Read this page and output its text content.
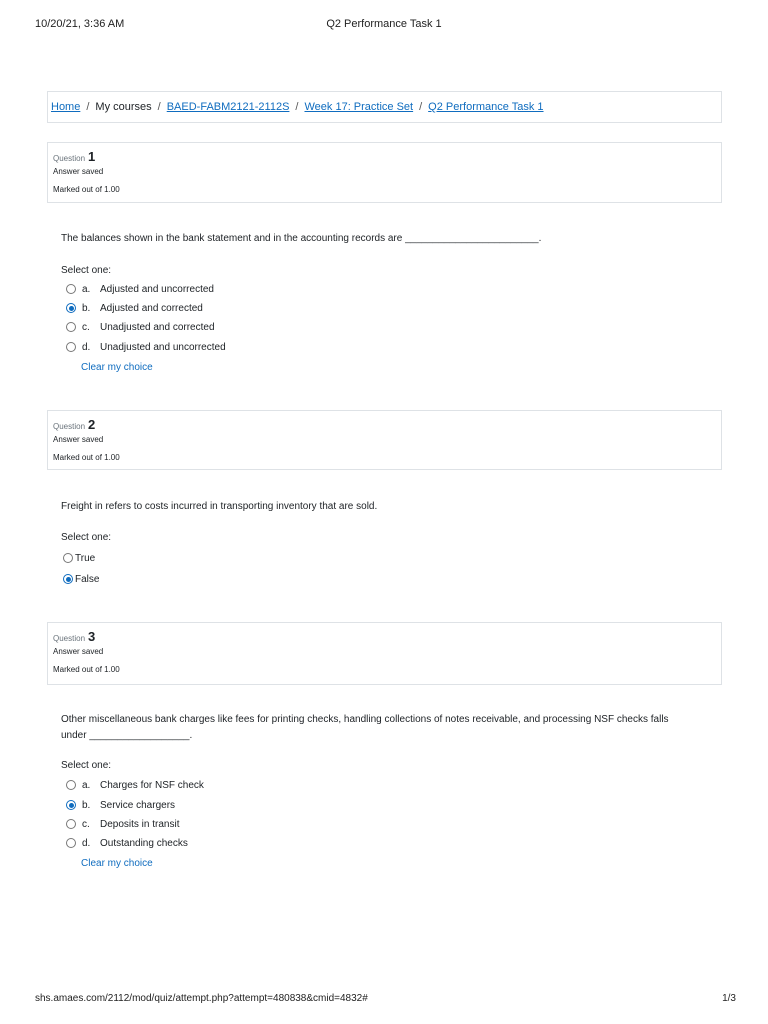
10/20/21, 3:36 AM	Q2 Performance Task 1
Home / My courses / BAED-FABM2121-2112S / Week 17: Practice Set / Q2 Performance Task 1
Question 1
Answer saved
Marked out of 1.00
The balances shown in the bank statement and in the accounting records are ________________________.
Select one:
a. Adjusted and uncorrected
b. Adjusted and corrected
c.	Unadjusted and corrected
d. Unadjusted and uncorrected
Clear my choice
Question 2
Answer saved
Marked out of 1.00
Freight in refers to costs incurred in transporting inventory that are sold.
Select one:
True
False
Question 3
Answer saved
Marked out of 1.00
Other miscellaneous bank charges like fees for printing checks, handling collections of notes receivable, and processing NSF checks falls under __________________.
Select one:
a. Charges for NSF check
b. Service chargers
c.	Deposits in transit
d. Outstanding checks
Clear my choice
shs.amaes.com/2112/mod/quiz/attempt.php?attempt=480838&cmid=4832#	1/3
